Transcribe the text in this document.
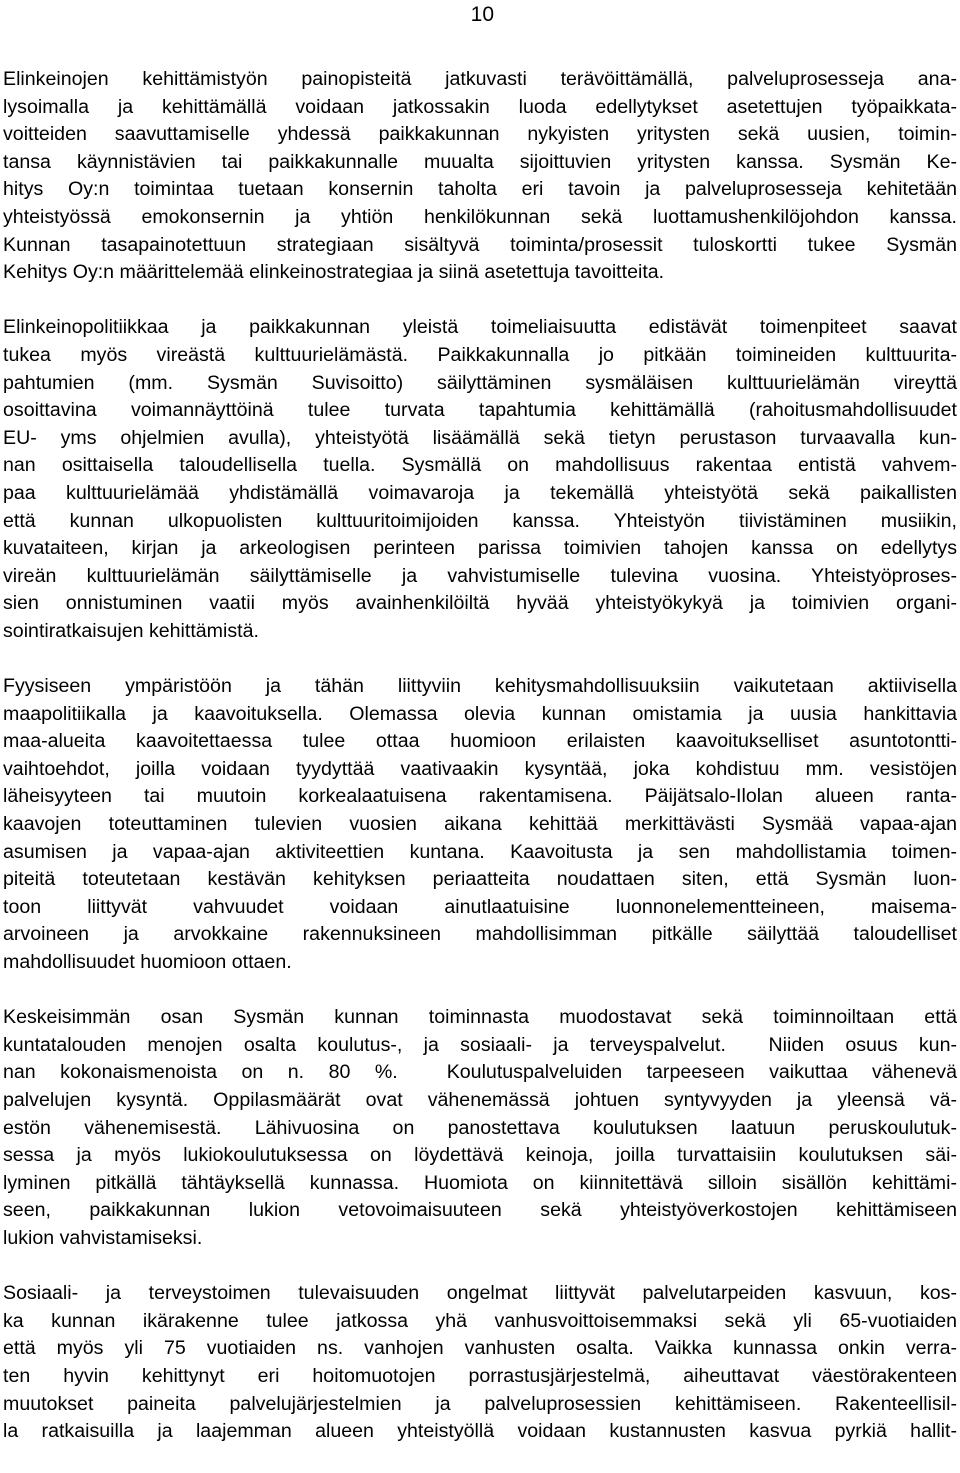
10
Elinkeinojen kehittämistyön painopisteitä jatkuvasti terävöittämällä, palveluprosesseja ana-
lysoimalla ja kehittämällä voidaan jatkossakin luoda edellytykset asetettujen työpaikkata-
voitteiden saavuttamiselle yhdessä paikkakunnan nykyisten yritysten sekä uusien, toimin-
tansa käynnistävien tai paikkakunnalle muualta sijoittuvien yritysten kanssa. Sysmän Ke-
hitys Oy:n toimintaa tuetaan konsernin taholta eri tavoin ja palveluprosesseja kehitetään
yhteistyössä emokonsernin ja yhtiön henkilökunnan sekä luottamushenkilöjohdon kanssa.
Kunnan tasapainotettuun strategiaan sisältyvä toiminta/prosessit tuloskortti tukee Sysmän
Kehitys Oy:n määrittelemää elinkeinostrategiaa ja siinä asetettuja tavoitteita.
Elinkeinopolitiikkaa ja paikkakunnan yleistä toimeliaisuutta edistävät toimenpiteet saavat
tukea myös vireästä kulttuurielämästä. Paikkakunnalla jo pitkään toimineiden kulttuurita-
pahtumien (mm. Sysmän Suvisoitto) säilyttäminen sysmäläisen kulttuurielämän vireyttä
osoittavina voimannäyttöinä tulee turvata tapahtumia kehittämällä (rahoitusmahdollisuudet
EU- yms ohjelmien avulla), yhteistyötä lisäämällä sekä tietyn perustason turvaavalla kun-
nan osittaisella taloudellisella tuella. Sysmällä on mahdollisuus rakentaa entistä vahvem-
paa kulttuurielämää yhdistämällä voimavaroja ja tekemällä yhteistyötä sekä paikallisten
että kunnan ulkopuolisten kulttuuritoimijoiden kanssa. Yhteistyön tiivistäminen musiikin,
kuvataiteen, kirjan ja arkeologisen perinteen parissa toimivien tahojen kanssa on edellytys
vireän kulttuurielämän säilyttämiselle ja vahvistumiselle tulevina vuosina. Yhteistyöproses-
sien onnistuminen vaatii myös avainhenkilöiltä hyvää yhteistyökykyä ja toimivien organi-
sointiratkaisujen kehittämistä.
Fyysiseen ympäristöön ja tähän liittyviin kehitysmahdollisuuksiin vaikutetaan aktiivisella
maapolitiikalla ja kaavoituksella. Olemassa olevia kunnan omistamia ja uusia hankittavia
maa-alueita kaavoitettaessa tulee ottaa huomioon erilaisten kaavoitukselliset asuntotontti-
vaihtoehdot, joilla voidaan tyydyttää vaativaakin kysyntää, joka kohdistuu mm. vesistöjen
läheisyyteen tai muutoin korkealaatuisena rakentamisena. Päijätsalo-Ilolan alueen ranta-
kaavojen toteuttaminen tulevien vuosien aikana kehittää merkittävästi Sysmää vapaa-ajan
asumisen ja vapaa-ajan aktiviteettien kuntana. Kaavoitusta ja sen mahdollistamia toimen-
piteitä toteutetaan kestävän kehityksen periaatteita noudattaen siten, että Sysmän luon-
toon liittyvät vahvuudet voidaan ainutlaatuisine luonnonelementteineen, maisema-
arvoineen ja arvokkaine rakennuksineen mahdollisimman pitkälle säilyttää taloudelliset
mahdollisuudet huomioon ottaen.
Keskeisimmän osan Sysmän kunnan toiminnasta muodostavat sekä toiminnoiltaan että
kuntatalouden menojen osalta koulutus-, ja sosiaali- ja terveyspalvelut.  Niiden osuus kun-
nan kokonaismenoista on n. 80 %.  Koulutuspalveluiden tarpeeseen vaikuttaa vähenevä
palvelujen kysyntä. Oppilasmäärät ovat vähenemässä johtuen syntyvyyden ja yleensä vä-
estön vähenemisestä. Lähivuosina on panostettava koulutuksen laatuun peruskoulutuk-
sessa ja myös lukiokoulutuksessa on löydettävä keinoja, joilla turvattaisiin koulutuksen säi-
lyminen pitkällä tähtäyksellä kunnassa. Huomiota on kiinnitettävä silloin sisällön kehittämi-
seen, paikkakunnan lukion vetovoimaisuuteen sekä yhteistyöverkostojen kehittämiseen
lukion vahvistamiseksi.
Sosiaali- ja terveystoimen tulevaisuuden ongelmat liittyvät palvelutarpeiden kasvuun, kos-
ka kunnan ikärakenne tulee jatkossa yhä vanhusvoittoisemmaksi sekä yli 65-vuotiaiden
että myös yli 75 vuotiaiden ns. vanhojen vanhusten osalta. Vaikka kunnassa onkin verra-
ten hyvin kehittynyt eri hoitomuotojen porrastusjärjestelmä, aiheuttavat väestörakenteen
muutokset paineita palvelujärjestelmien ja palveluprosessien kehittämiseen. Rakenteellisil-
la ratkaisuilla ja laajemman alueen yhteistyöllä voidaan kustannusten kasvua pyrkiä hallit-
